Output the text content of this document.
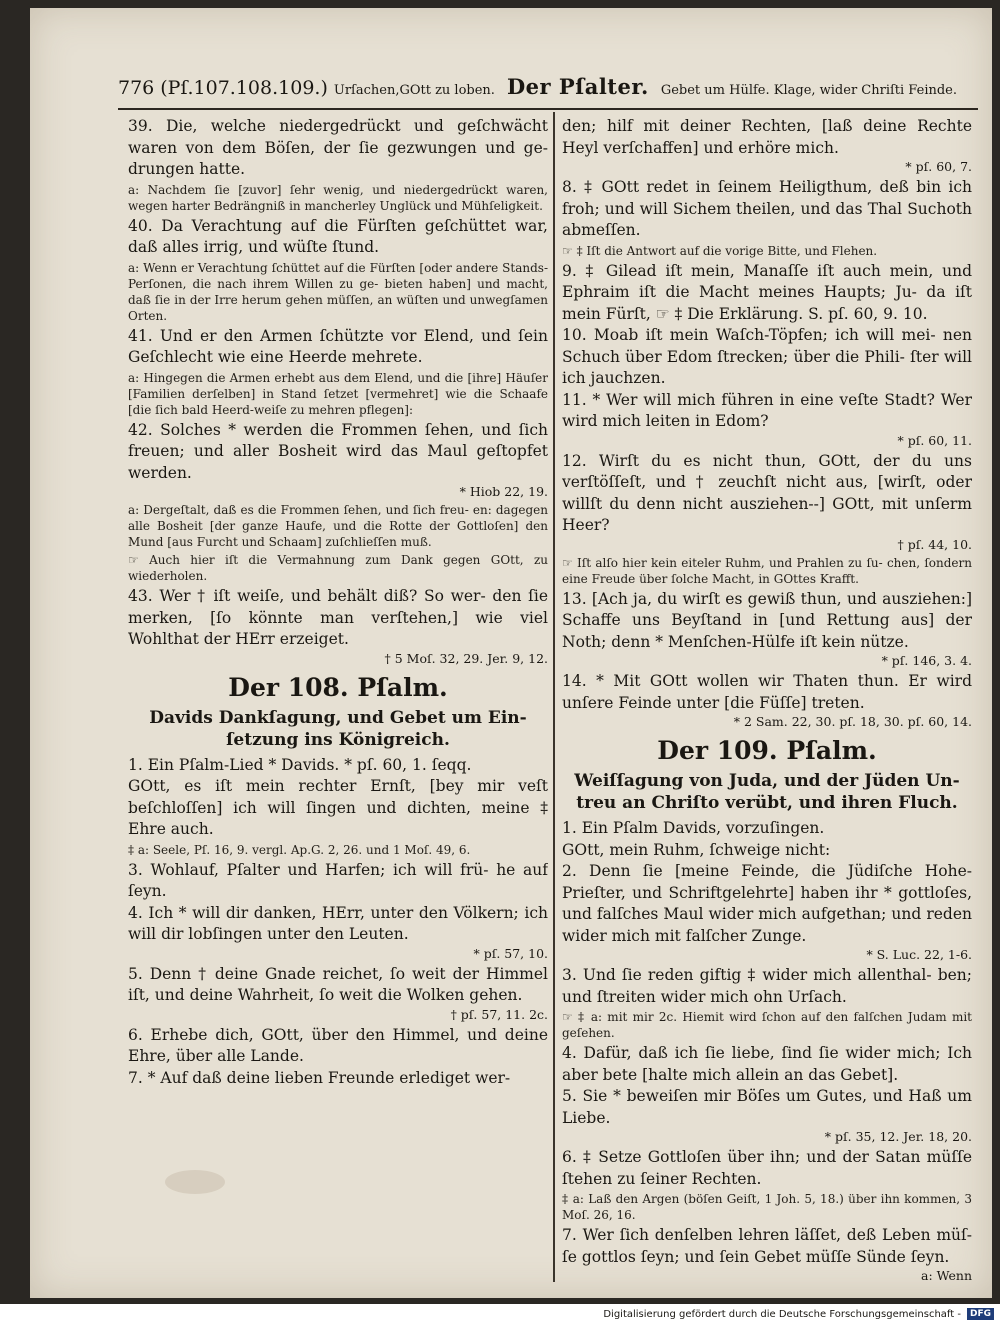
776 (Pſ.107.108.109.) Urſachen,GOtt zu loben. Der Pſalter. Gebet um Hülfe. Klage, wider Chriſti Feinde.

39. Die, welche niedergedrückt und geſchwächt waren von dem Böſen, der ſie gezwungen und ge- drungen hatte.

a: Nachdem ſie [zuvor] ſehr wenig, und niedergedrückt waren, wegen harter Bedrängniß in mancherley Unglück und Mühſeligkeit.

40. Da Verachtung auf die Fürſten geſchüttet war, daß alles irrig, und wüſte ſtund.

a: Wenn er Verachtung ſchüttet auf die Fürſten [oder andere Stands-Perſonen, die nach ihrem Willen zu ge- bieten haben] und macht, daß ſie in der Irre herum gehen müſſen, an wüſten und unwegſamen Orten.

41. Und er den Armen ſchützte vor Elend, und ſein Geſchlecht wie eine Heerde mehrete.

a: Hingegen die Armen erhebt aus dem Elend, und die [ihre] Häuſer [Familien derſelben] in Stand ſetzet [vermehret] wie die Schaafe [die ſich bald Heerd-weiſe zu mehren pflegen]:

42. Solches * werden die Frommen ſehen, und ſich freuen; und aller Bosheit wird das Maul geſtopfet werden.

* Hiob 22, 19.

a: Dergeſtalt, daß es die Frommen ſehen, und ſich freu- en: dagegen alle Bosheit [der ganze Haufe, und die Rotte der Gottloſen] den Mund [aus Furcht und Schaam] zuſchlieſſen muß.

☞ Auch hier iſt die Vermahnung zum Dank gegen GOtt, zu wiederholen.

43. Wer † iſt weiſe, und behält diß? So wer- den ſie merken, [ſo könnte man verſtehen,] wie viel Wohlthat der HErr erzeiget.

† 5 Moſ. 32, 29. Jer. 9, 12.

Der 108. Pſalm.
Davids Dankſagung, und Gebet um Ein- ſetzung ins Königreich.

1. Ein Pſalm-Lied * Davids. * pſ. 60, 1. ſeqq.

GOtt, es iſt mein rechter Ernſt, [bey mir veſt beſchloſſen] ich will ſingen und dichten, meine ‡ Ehre auch.

‡ a: Seele, Pſ. 16, 9. vergl. Ap.G. 2, 26. und 1 Moſ. 49, 6.

3. Wohlauf, Pſalter und Harfen; ich will frü- he auf ſeyn.

4. Ich * will dir danken, HErr, unter den Völkern; ich will dir lobſingen unter den Leuten.

* pſ. 57, 10.

5. Denn † deine Gnade reichet, ſo weit der Himmel iſt, und deine Wahrheit, ſo weit die Wolken gehen.

† pſ. 57, 11. 2c.

6. Erhebe dich, GOtt, über den Himmel, und deine Ehre, über alle Lande.

7. * Auf daß deine lieben Freunde erlediget wer-

den; hilf mit deiner Rechten, [laß deine Rechte Heyl verſchaffen] und erhöre mich.

* pſ. 60, 7.

8. ‡ GOtt redet in ſeinem Heiligthum, deß bin ich froh; und will Sichem theilen, und das Thal Suchoth abmeſſen.

☞ ‡ Iſt die Antwort auf die vorige Bitte, und Flehen.

9. ‡ Gilead iſt mein, Manaſſe iſt auch mein, und Ephraim iſt die Macht meines Haupts; Ju- da iſt mein Fürſt, ☞ ‡ Die Erklärung. S. pſ. 60, 9. 10.

10. Moab iſt mein Waſch-Töpfen; ich will mei- nen Schuch über Edom ſtrecken; über die Phili- ſter will ich jauchzen.

11. * Wer will mich führen in eine veſte Stadt? Wer wird mich leiten in Edom?

* pſ. 60, 11.

12. Wirſt du es nicht thun, GOtt, der du uns verſtöſſeſt, und † zeuchſt nicht aus, [wirſt, oder willſt du denn nicht ausziehen--] GOtt, mit unſerm Heer?

† pſ. 44, 10.

☞ Iſt alſo hier kein eiteler Ruhm, und Prahlen zu ſu- chen, ſondern eine Freude über ſolche Macht, in GOttes Krafft.

13. [Ach ja, du wirſt es gewiß thun, und ausziehen:] Schaffe uns Beyſtand in [und Rettung aus] der Noth; denn * Menſchen-Hülfe iſt kein nütze.

* pſ. 146, 3. 4.

14. * Mit GOtt wollen wir Thaten thun. Er wird unſere Feinde unter [die Füſſe] treten.

* 2 Sam. 22, 30. pſ. 18, 30. pſ. 60, 14.

Der 109. Pſalm.
Weiſſagung von Juda, und der Jüden Un- treu an Chriſto verübt, und ihren Fluch.

1. Ein Pſalm Davids, vorzuſingen.

GOtt, mein Ruhm, ſchweige nicht:

2. Denn ſie [meine Feinde, die Jüdiſche Hohe- Prieſter, und Schriftgelehrte] haben ihr * gottloſes, und falſches Maul wider mich aufgethan; und reden wider mich mit falſcher Zunge.

* S. Luc. 22, 1-6.

3. Und ſie reden giftig ‡ wider mich allenthal- ben; und ſtreiten wider mich ohn Urſach.

☞ ‡ a: mit mir 2c. Hiemit wird ſchon auf den falſchen Judam mit geſehen.

4. Dafür, daß ich ſie liebe, ſind ſie wider mich; Ich aber bete [halte mich allein an das Gebet].

5. Sie * beweiſen mir Böſes um Gutes, und Haß um Liebe.

* pſ. 35, 12. Jer. 18, 20.

6. ‡ Setze Gottloſen über ihn; und der Satan müſſe ſtehen zu ſeiner Rechten.

‡ a: Laß den Argen (böſen Geiſt, 1 Joh. 5, 18.) über ihn kommen, 3 Moſ. 26, 16.

7. Wer ſich denſelben lehren läſſet, deß Leben müſ- ſe gottlos ſeyn; und ſein Gebet müſſe Sünde ſeyn.

a: Wenn

Digitalisierung gefördert durch die Deutsche Forschungsgemeinschaft -	DFG
